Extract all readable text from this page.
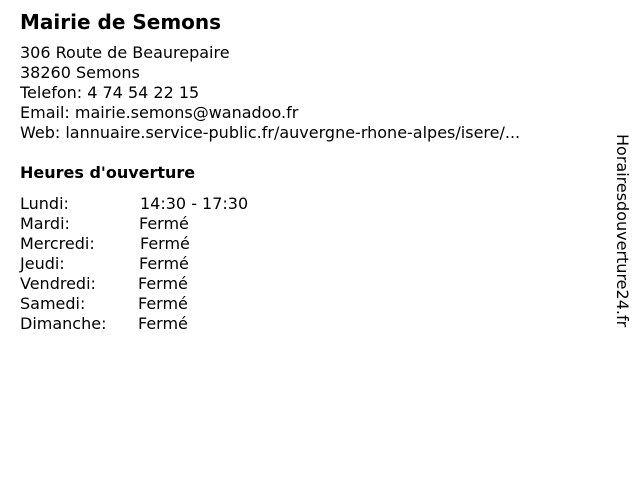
Mairie de Semons
306 Route de Beaurepaire
38260 Semons
Telefon: 4 74 54 22 15
Email: mairie.semons@wanadoo.fr
Web: lannuaire.service-public.fr/auvergne-rhone-alpes/isere/...
Heures d'ouverture
Lundi:	14:30 - 17:30
Mardi:	Fermé
Mercredi:	Fermé
Jeudi:	Fermé
Vendredi:	Fermé
Samedi:	Fermé
Dimanche: Fermé	Horairesdouverture24.fr
